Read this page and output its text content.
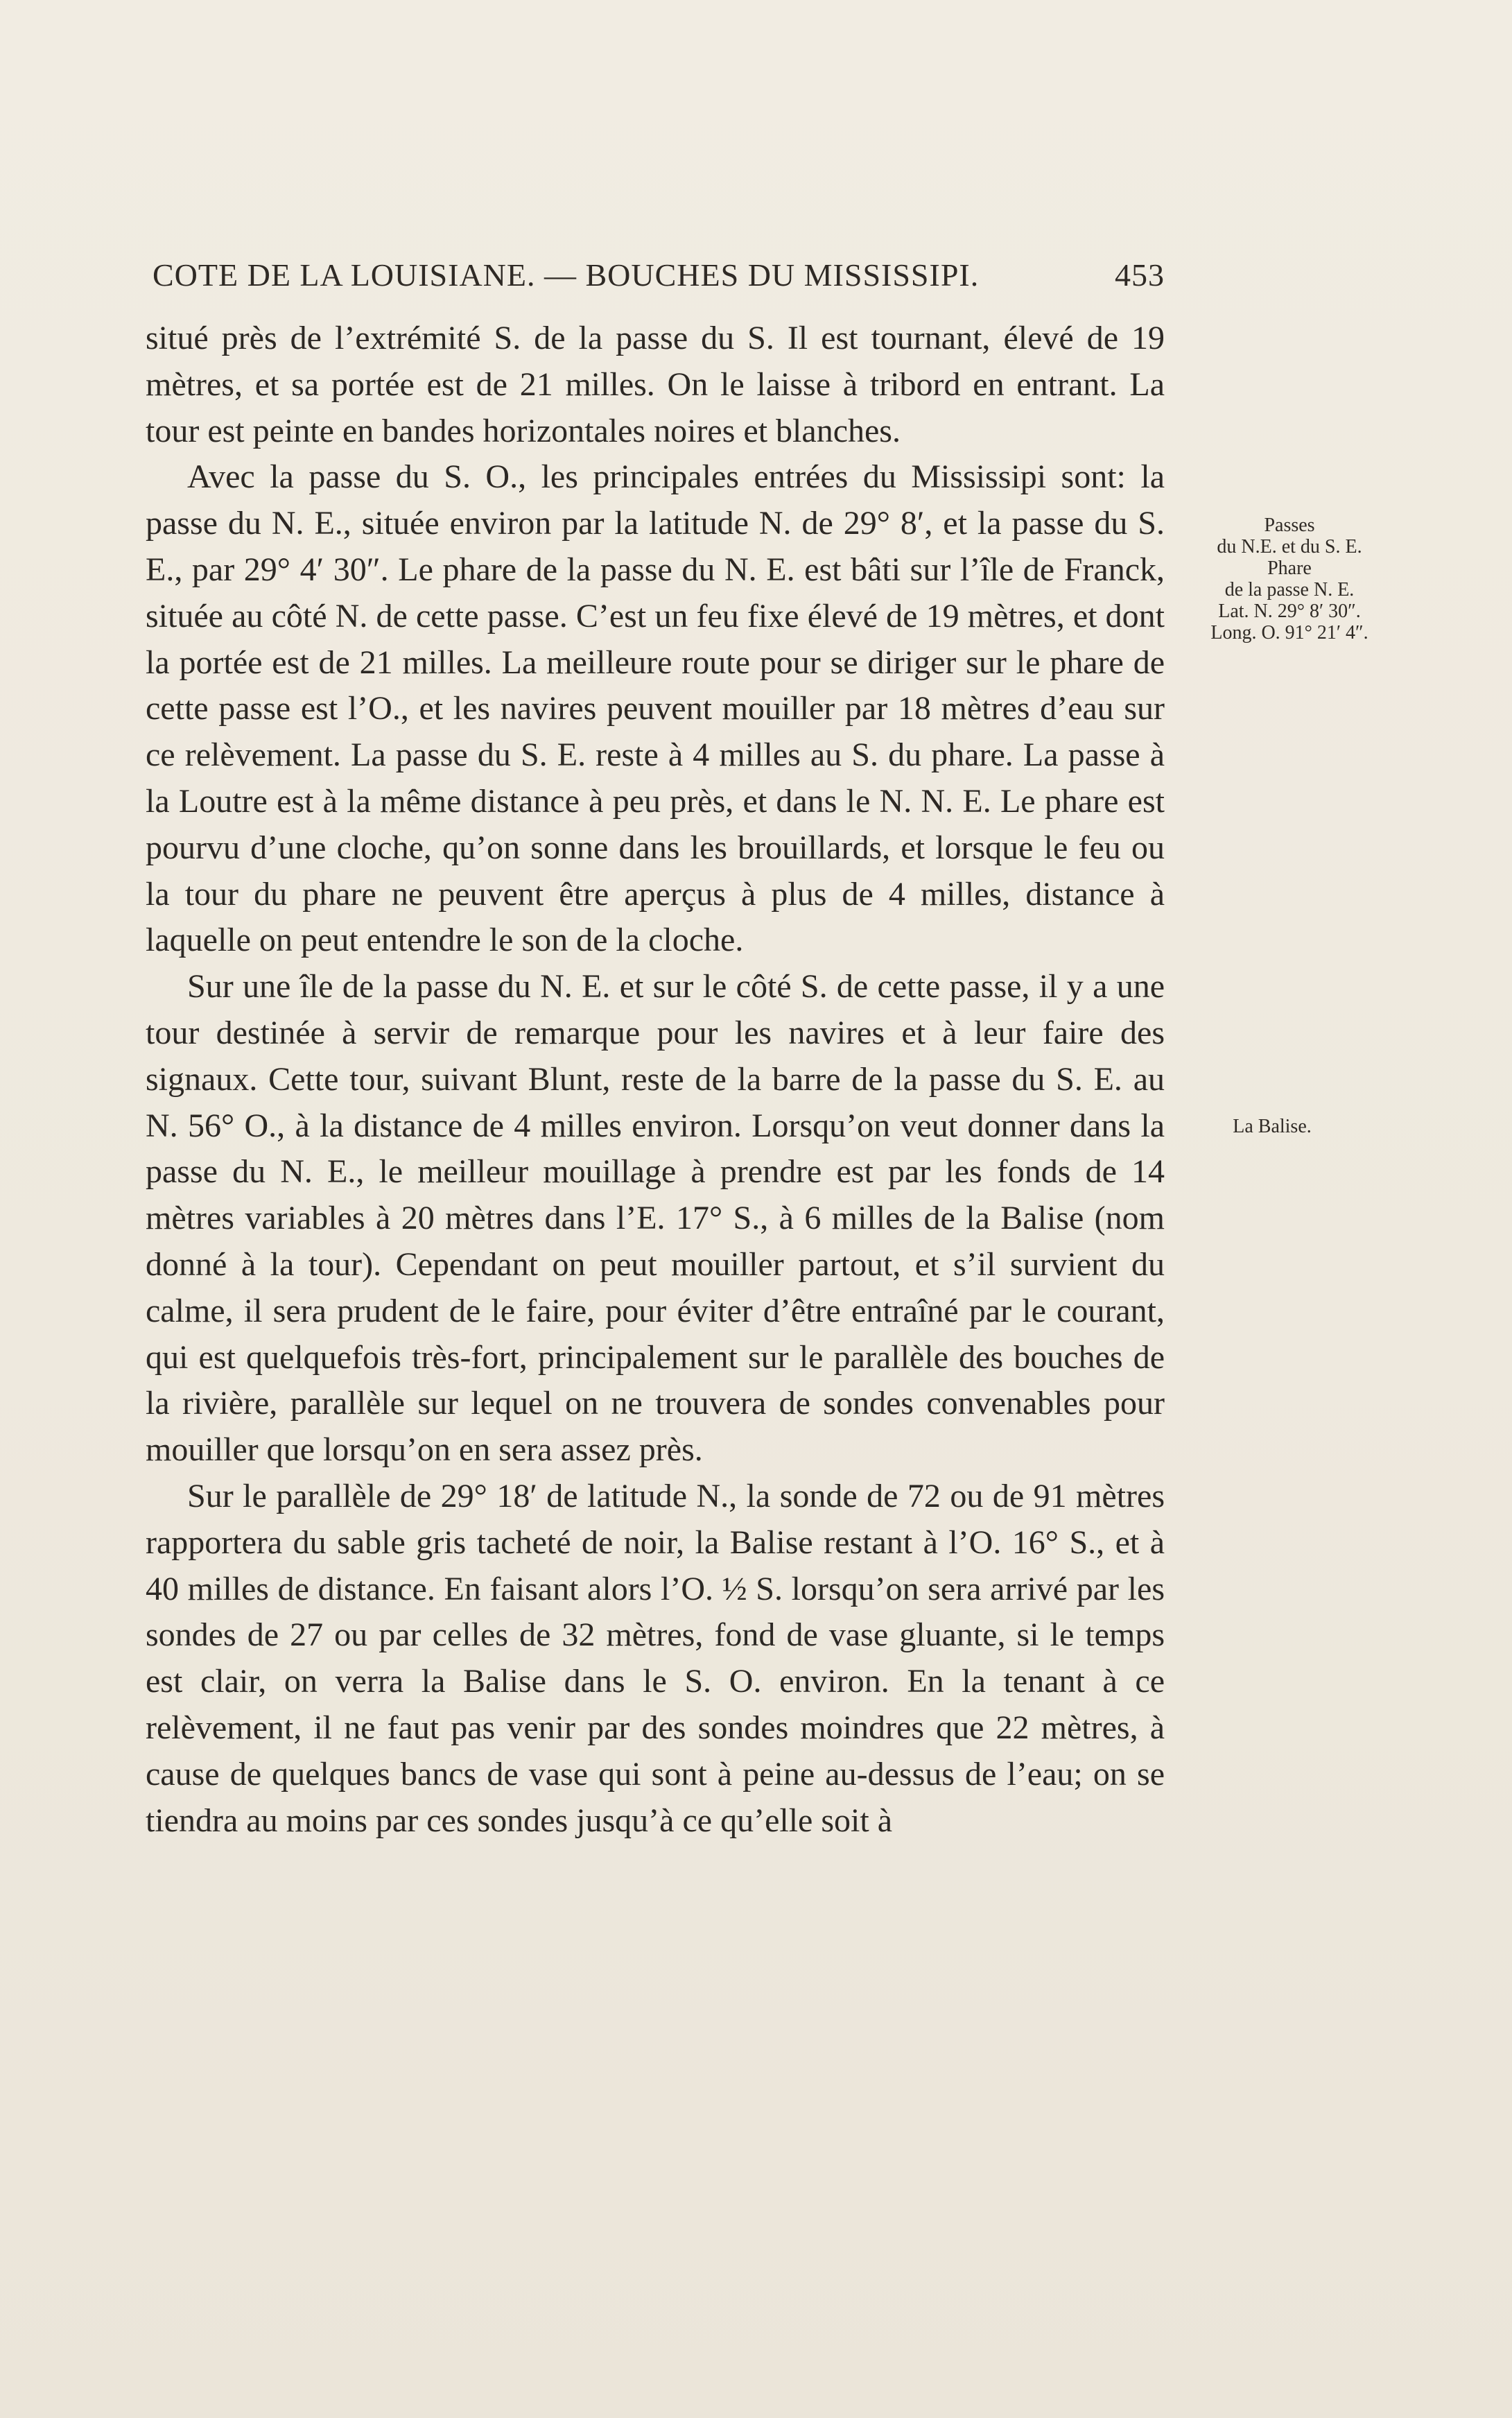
COTE DE LA LOUISIANE. — BOUCHES DU MISSISSIPI.	453

situé près de l’extrémité S. de la passe du S. Il est tournant, élevé de 19 mètres, et sa portée est de 21 milles. On le laisse à tribord en entrant. La tour est peinte en bandes horizontales noires et blanches.

Avec la passe du S. O., les principales entrées du Mississipi sont: la passe du N. E., située environ par la latitude N. de 29° 8′, et la passe du S. E., par 29° 4′ 30″. Le phare de la passe du N. E. est bâti sur l’île de Franck, située au côté N. de cette passe. C’est un feu fixe élevé de 19 mètres, et dont la portée est de 21 milles. La meilleure route pour se diriger sur le phare de cette passe est l’O., et les navires peuvent mouiller par 18 mètres d’eau sur ce relèvement. La passe du S. E. reste à 4 milles au S. du phare. La passe à la Loutre est à la même distance à peu près, et dans le N. N. E. Le phare est pourvu d’une cloche, qu’on sonne dans les brouillards, et lorsque le feu ou la tour du phare ne peuvent être aperçus à plus de 4 milles, distance à laquelle on peut entendre le son de la cloche.

Sur une île de la passe du N. E. et sur le côté S. de cette passe, il y a une tour destinée à servir de remarque pour les navires et à leur faire des signaux. Cette tour, suivant Blunt, reste de la barre de la passe du S. E. au N. 56° O., à la distance de 4 milles environ. Lorsqu’on veut donner dans la passe du N. E., le meilleur mouillage à prendre est par les fonds de 14 mètres variables à 20 mètres dans l’E. 17° S., à 6 milles de la Balise (nom donné à la tour). Cependant on peut mouiller partout, et s’il survient du calme, il sera prudent de le faire, pour éviter d’être entraîné par le courant, qui est quelquefois très-fort, principalement sur le parallèle des bouches de la rivière, parallèle sur lequel on ne trouvera de sondes convenables pour mouiller que lorsqu’on en sera assez près.

Sur le parallèle de 29° 18′ de latitude N., la sonde de 72 ou de 91 mètres rapportera du sable gris tacheté de noir, la Balise restant à l’O. 16° S., et à 40 milles de distance. En faisant alors l’O. ½ S. lorsqu’on sera arrivé par les sondes de 27 ou par celles de 32 mètres, fond de vase gluante, si le temps est clair, on verra la Balise dans le S. O. environ. En la tenant à ce relèvement, il ne faut pas venir par des sondes moindres que 22 mètres, à cause de quelques bancs de vase qui sont à peine au-dessus de l’eau; on se tiendra au moins par ces sondes jusqu’à ce qu’elle soit à

Passes
du N.E. et du S. E.
Phare
de la passe N. E.
Lat. N. 29° 8′ 30″.
Long. O. 91° 21′ 4″.
La Balise.
